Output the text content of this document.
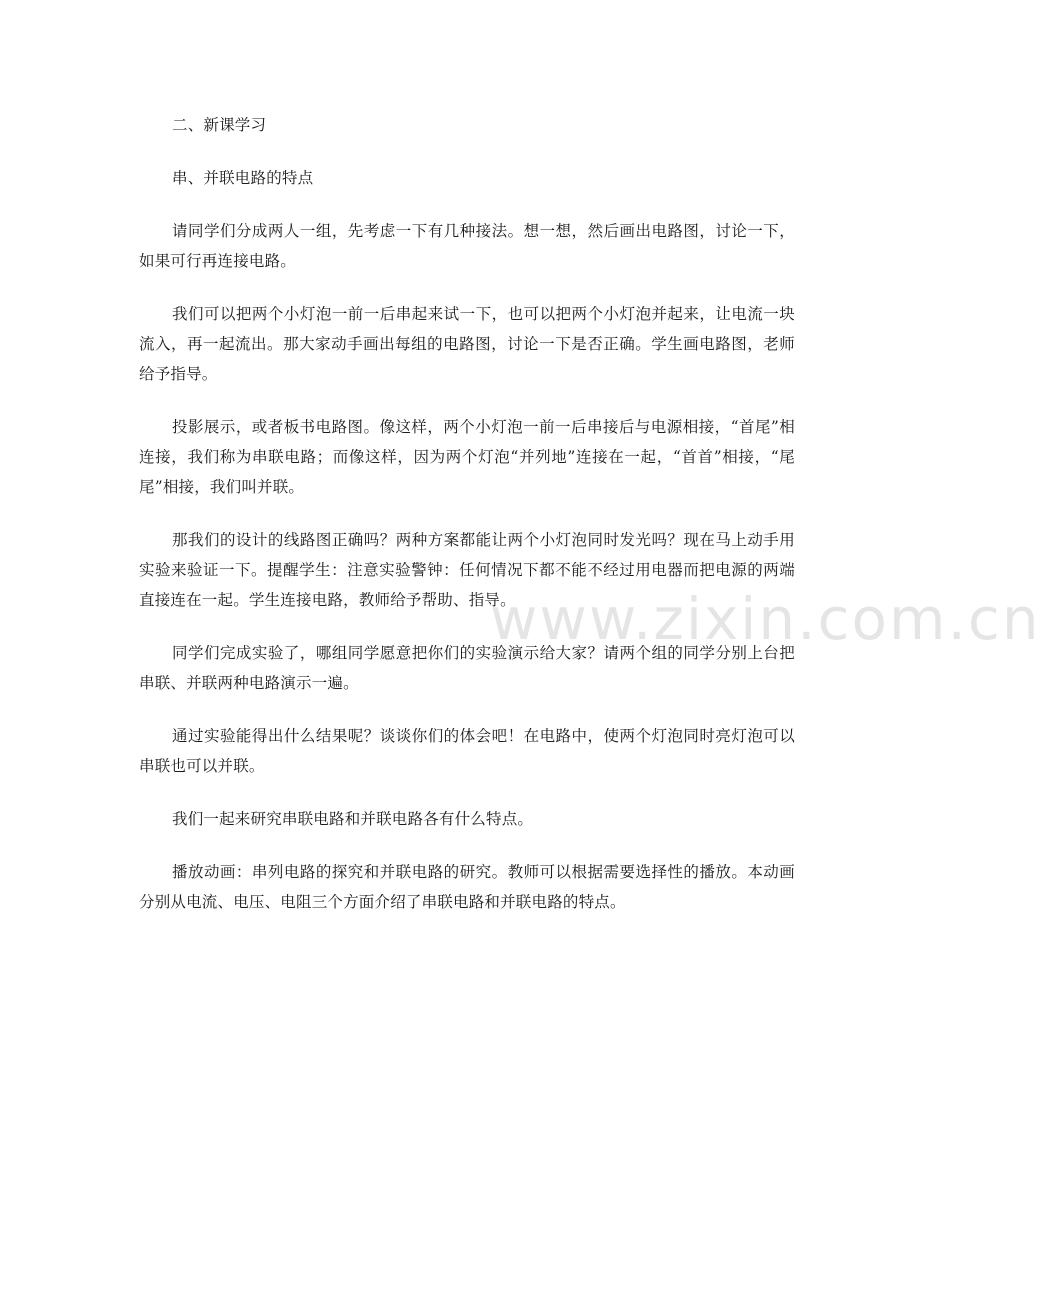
二、新课学习

串、并联电路的特点

请同学们分成两人一组，先考虑一下有几种接法。想一想，然后画出电路图，讨论一下，如果可行再连接电路。

我们可以把两个小灯泡一前一后串起来试一下，也可以把两个小灯泡并起来，让电流一块流入，再一起流出。那大家动手画出每组的电路图，讨论一下是否正确。学生画电路图，老师给予指导。

投影展示，或者板书电路图。像这样，两个小灯泡一前一后串接后与电源相接，“首尾”相连接，我们称为串联电路；而像这样，因为两个灯泡“并列地”连接在一起，“首首”相接，“尾尾”相接，我们叫并联。

那我们的设计的线路图正确吗？两种方案都能让两个小灯泡同时发光吗？现在马上动手用实验来验证一下。提醒学生：注意实验警钟：任何情况下都不能不经过用电器而把电源的两端直接连在一起。学生连接电路，教师给予帮助、指导。

同学们完成实验了，哪组同学愿意把你们的实验演示给大家？请两个组的同学分别上台把串联、并联两种电路演示一遍。

通过实验能得出什么结果呢？谈谈你们的体会吧！在电路中，使两个灯泡同时亮灯泡可以串联也可以并联。

我们一起来研究串联电路和并联电路各有什么特点。

播放动画：串列电路的探究和并联电路的研究。教师可以根据需要选择性的播放。本动画分别从电流、电压、电阻三个方面介绍了串联电路和并联电路的特点。

www.zixin.com.cn
